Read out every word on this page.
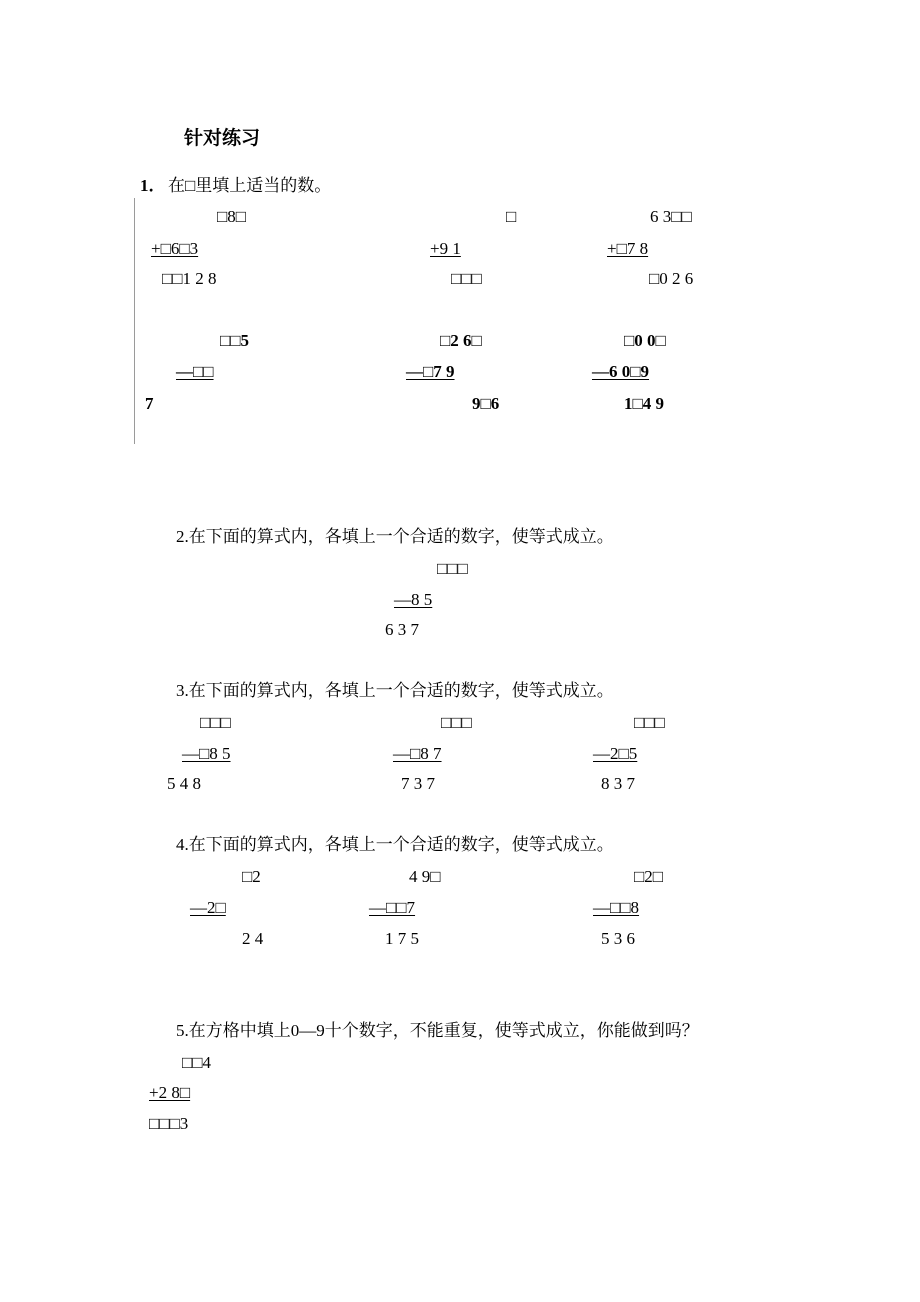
针对练习
1． 在□里填上适当的数。
□8□
+□6□3
□□1 2 8
□
+9 1
□□□
6 3□□
+□7 8
□0 2 6
□□5
—□□
7
□2 6□
—□7 9
9□6
□0 0□
—6 0□9
1□4 9
2.在下面的算式内，各填上一个合适的数字，使等式成立。
□□□
—8 5
6 3 7
3.在下面的算式内，各填上一个合适的数字，使等式成立。
□□□
—□8 5
5 4 8
□□□
—□8 7
7 3 7
□□□
—2□5
8 3 7
4.在下面的算式内，各填上一个合适的数字，使等式成立。
□2
—2□
2 4
4 9□
—□□7
1 7 5
□2□
—□□8
5 3 6
5.在方格中填上0—9十个数字，不能重复，使等式成立，你能做到吗？
□□4
+2 8□
□□□3
